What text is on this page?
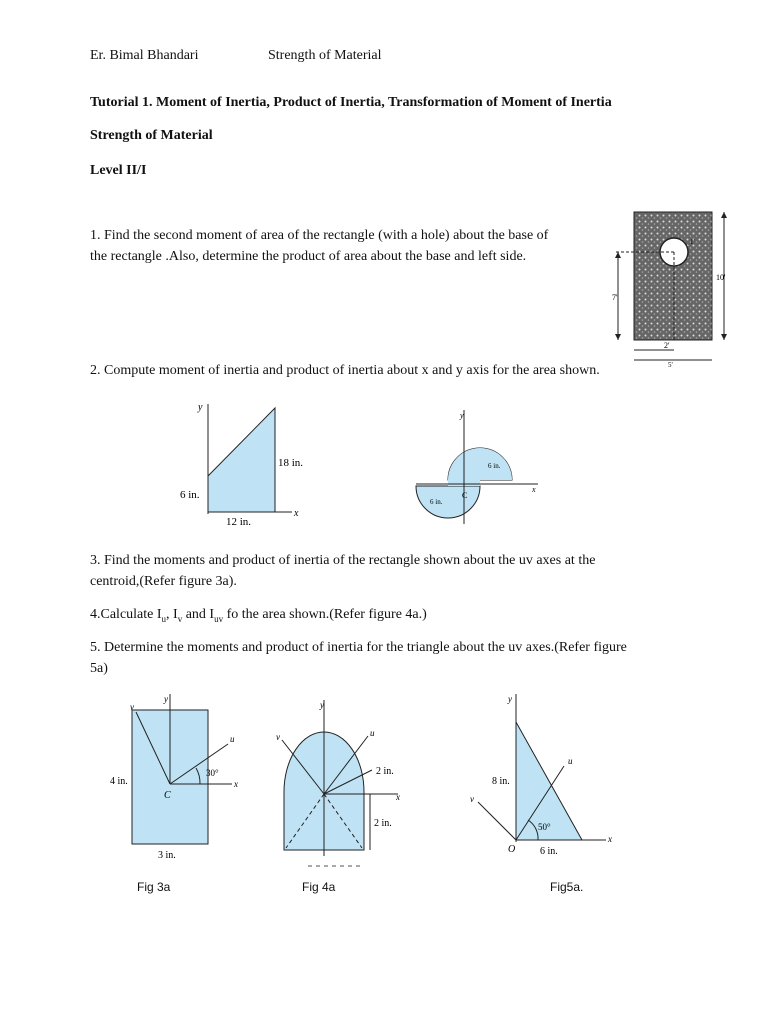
Er. Bimal Bhandari	Strength of Material
Tutorial 1. Moment of Inertia, Product of Inertia, Transformation of Moment of Inertia
Strength of Material
Level II/I
1. Find the second moment of area of the rectangle (with a hole) about the base of
the rectangle .Also, determine the product of area about the base and left side.
7'
10'
2'
5'
1'
2. Compute moment of inertia and product of inertia about x and y axis for the area shown.
y
x
18 in.
6 in.
12 in.
y
x
6 in.
6 in.
C
3. Find the moments and product of inertia of the rectangle shown about the uv axes at the
centroid,(Refer figure 3a).
4.Calculate $I_u$, $I_v$ and $I_{uv}$ fo the area shown.(Refer figure 4a.)
5. Determine the moments and product of inertia for the triangle about the uv axes.(Refer figure
5a)
y
x
u
v
30°
4 in.
C
3 in.
Fig 3a
y
x
u
v
2 in.
2 in.
Fig 4a
y
x
u
v
50°
8 in.
O 6 in.
Fig5a.
